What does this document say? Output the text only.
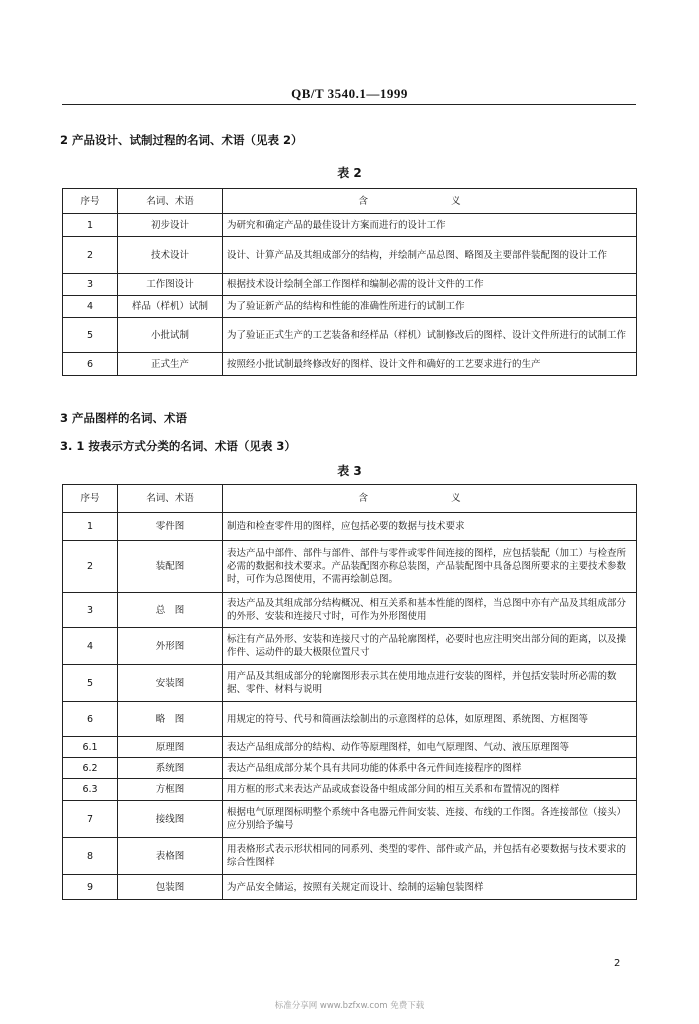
QB/T 3540.1—1999
2 产品设计、试制过程的名词、术语（见表 2）
表 2
序号	名词、术语	含 义
1	初步设计	为研究和确定产品的最佳设计方案而进行的设计工作
2	技术设计	设计、计算产品及其组成部分的结构，并绘制产品总图、略图及主要部件装配图的设计工作
3	工作图设计	根据技术设计绘制全部工作图样和编制必需的设计文件的工作
4	样品（样机）试制	为了验证新产品的结构和性能的准确性所进行的试制工作
5	小批试制	为了验证正式生产的工艺装备和经样品（样机）试制修改后的图样、设计文件所进行的试制工作
6	正式生产	按照经小批试制最终修改好的图样、设计文件和确好的工艺要求进行的生产
3 产品图样的名词、术语
3. 1 按表示方式分类的名词、术语（见表 3）
表 3
序号	名词、术语	含 义
1	零件图	制造和检查零件用的图样，应包括必要的数据与技术要求
2	装配图	表达产品中部件、部件与部件、部件与零件或零件间连接的图样，应包括装配（加工）与检查所必需的数据和技术要求。产品装配图亦称总装图，产品装配图中具备总图所要求的主要技术参数时，可作为总图使用，不需再绘制总图。
3	总　图	表达产品及其组成部分结构概况、相互关系和基本性能的图样，当总图中亦有产品及其组成部分的外形、安装和连接尺寸时，可作为外形图使用
4	外形图	标注有产品外形、安装和连接尺寸的产品轮廓图样，必要时也应注明突出部分间的距离，以及操作件、运动件的最大极限位置尺寸
5	安装图	用产品及其组成部分的轮廓图形表示其在使用地点进行安装的图样，并包括安装时所必需的数据、零件、材料与说明
6	略　图	用规定的符号、代号和简画法绘制出的示意图样的总体，如原理图、系统图、方框图等
6.1	原理图	表达产品组成部分的结构、动作等原理图样，如电气原理图、气动、液压原理图等
6.2	系统图	表达产品组成部分某个具有共同功能的体系中各元件间连接程序的图样
6.3	方框图	用方框的形式来表达产品或成套设备中组成部分间的相互关系和布置情况的图样
7	接线图	根据电气原理图标明整个系统中各电器元件间安装、连接、布线的工作图。各连接部位（接头）应分别给予编号
8	表格图	用表格形式表示形状相同的同系列、类型的零件、部件或产品，并包括有必要数据与技术要求的综合性图样
9	包装图	为产品安全储运，按照有关规定而设计、绘制的运输包装图样
2
标准分享网 www.bzfxw.com 免费下载
